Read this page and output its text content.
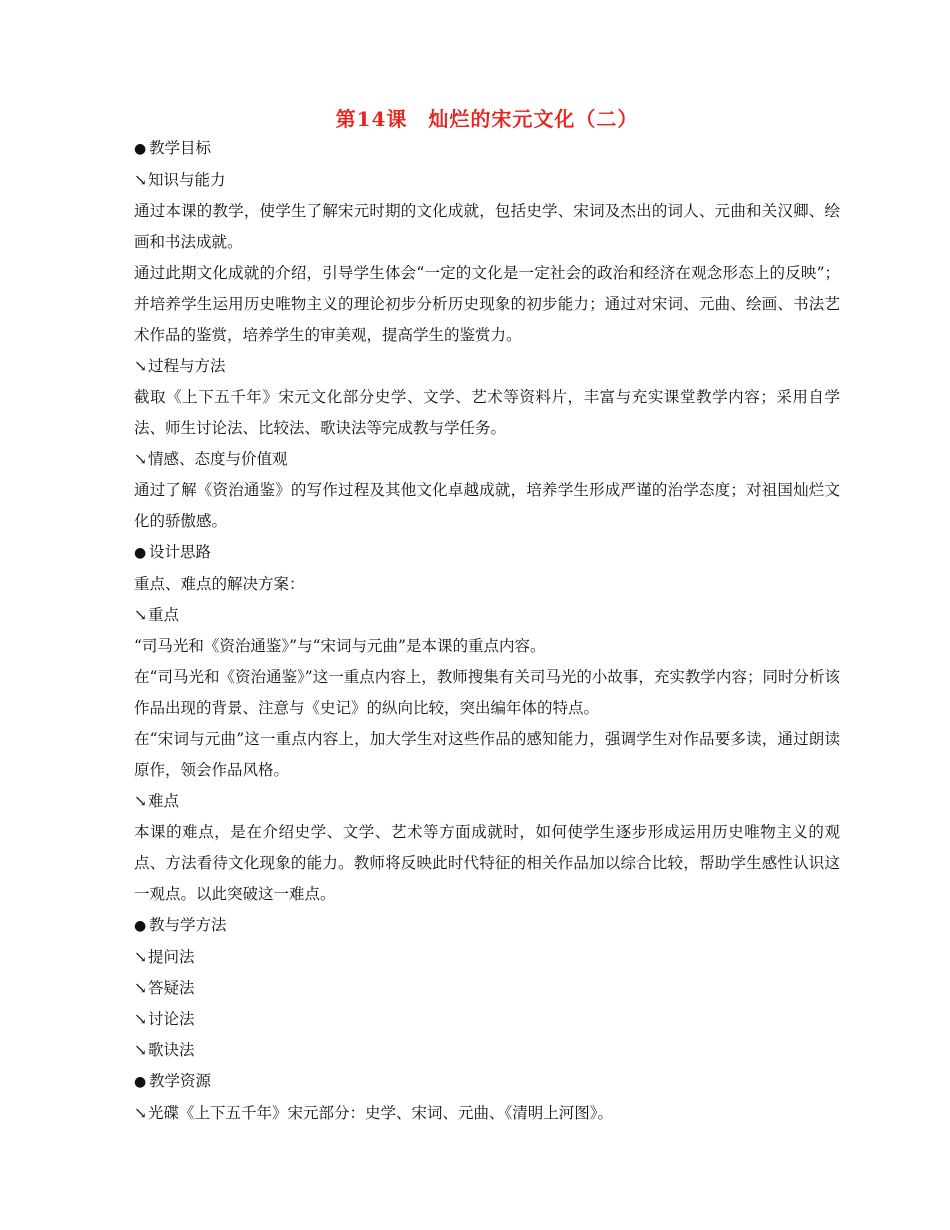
第14课　灿烂的宋元文化（二）
● 教学目标
↘知识与能力

通过本课的教学，使学生了解宋元时期的文化成就，包括史学、宋词及杰出的词人、元曲和关汉卿、绘画和书法成就。

通过此期文化成就的介绍，引导学生体会“一定的文化是一定社会的政治和经济在观念形态上的反映”；并培养学生运用历史唯物主义的理论初步分析历史现象的初步能力；通过对宋词、元曲、绘画、书法艺术作品的鉴赏，培养学生的审美观，提高学生的鉴赏力。

↘过程与方法

截取《上下五千年》宋元文化部分史学、文学、艺术等资料片，丰富与充实课堂教学内容；采用自学法、师生讨论法、比较法、歌诀法等完成教与学任务。

↘情感、态度与价值观

通过了解《资治通鉴》的写作过程及其他文化卓越成就，培养学生形成严谨的治学态度；对祖国灿烂文化的骄傲感。

● 设计思路

重点、难点的解决方案：

↘重点

“司马光和《资治通鉴》”与“宋词与元曲”是本课的重点内容。

在“司马光和《资治通鉴》”这一重点内容上，教师搜集有关司马光的小故事，充实教学内容；同时分析该作品出现的背景、注意与《史记》的纵向比较，突出编年体的特点。

在“宋词与元曲”这一重点内容上，加大学生对这些作品的感知能力，强调学生对作品要多读，通过朗读原作，领会作品风格。

↘难点

本课的难点，是在介绍史学、文学、艺术等方面成就时，如何使学生逐步形成运用历史唯物主义的观点、方法看待文化现象的能力。教师将反映此时代特征的相关作品加以综合比较，帮助学生感性认识这一观点。以此突破这一难点。

● 教与学方法
↘提问法
↘答疑法
↘讨论法
↘歌诀法
● 教学资源
↘光碟《上下五千年》宋元部分：史学、宋词、元曲、《清明上河图》。
